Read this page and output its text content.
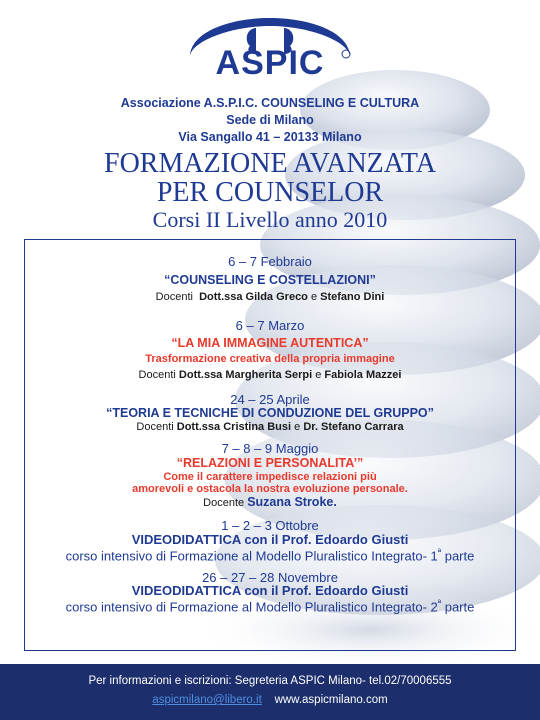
ASPIC
Associazione A.S.P.I.C. COUNSELING E CULTURA
Sede di Milano
Via Sangallo 41 – 20133 Milano
FORMAZIONE AVANZATA
PER COUNSELOR
Corsi II Livello anno 2010
6 – 7 Febbraio
“COUNSELING E COSTELLAZIONI”
Docenti Dott.ssa Gilda Greco e Stefano Dini
6 – 7 Marzo
“LA MIA IMMAGINE AUTENTICA”
Trasformazione creativa della propria immagine
Docenti Dott.ssa Margherita Serpi e Fabiola Mazzei
24 – 25 Aprile
“TEORIA E TECNICHE DI CONDUZIONE DEL GRUPPO”
Docenti Dott.ssa Cristina Busi e Dr. Stefano Carrara
7 – 8 – 9 Maggio
“RELAZIONI E PERSONALITA’”
Come il carattere impedisce relazioni più
amorevoli e ostacola la nostra evoluzione personale.
Docente Suzana Stroke.
1 – 2 – 3 Ottobre
VIDEODIDATTICA con il Prof. Edoardo Giusti
corso intensivo di Formazione al Modello Pluralistico Integrato- $1^ª$ parte
26 – 27 – 28 Novembre
VIDEODIDATTICA con il Prof. Edoardo Giusti
corso intensivo di Formazione al Modello Pluralistico Integrato- $2^ª$ parte
Per informazioni e iscrizioni: Segreteria ASPIC Milano- tel.02/70006555
aspicmilano@libero.it www.aspicmilano.com
